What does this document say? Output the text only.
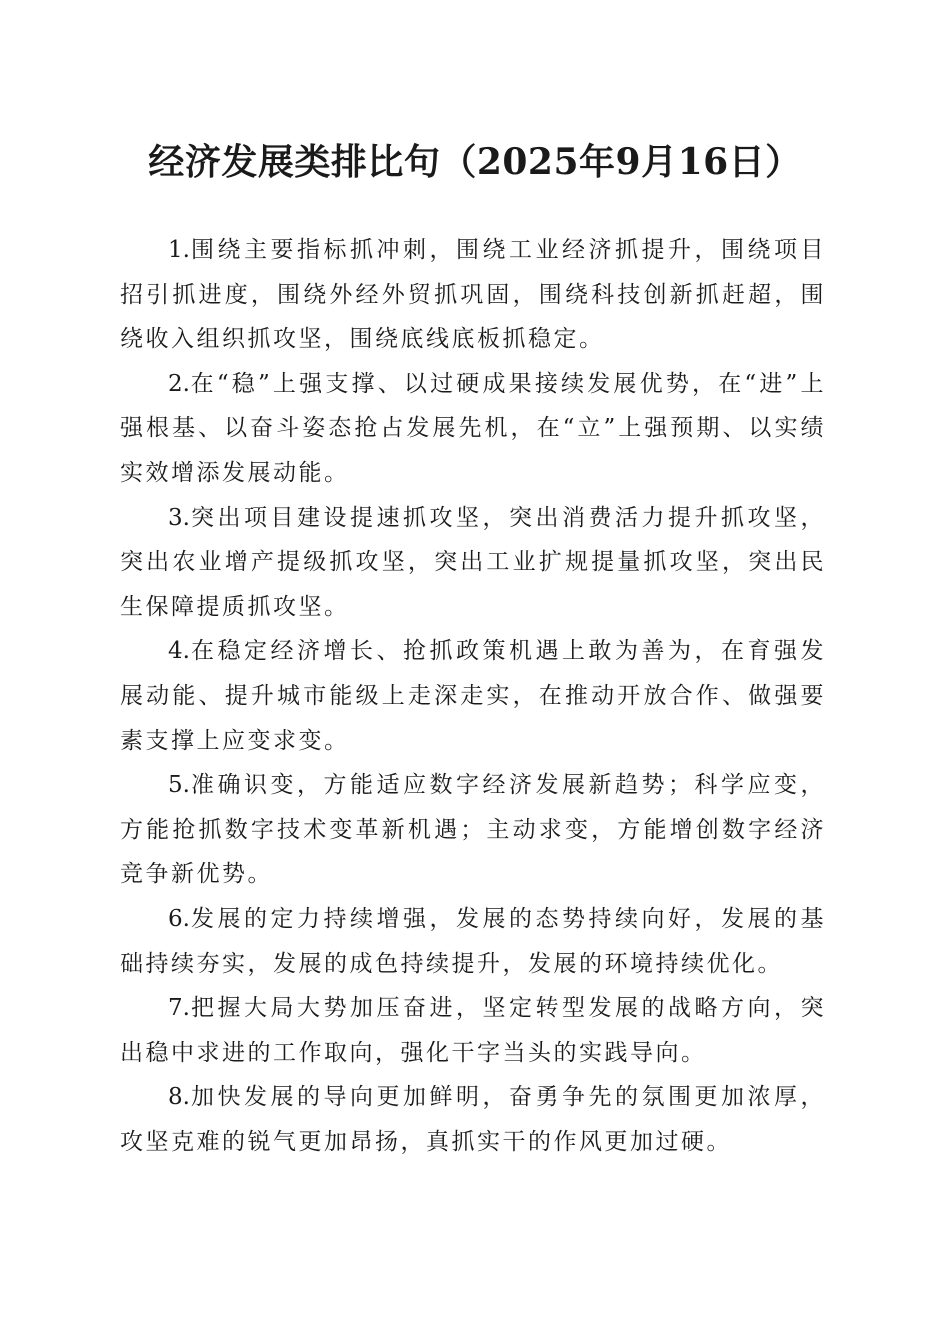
经济发展类排比句（2025年9月16日）

1.围绕主要指标抓冲刺，围绕工业经济抓提升，围绕项目招引抓进度，围绕外经外贸抓巩固，围绕科技创新抓赶超，围绕收入组织抓攻坚，围绕底线底板抓稳定。

2.在“稳”上强支撑、以过硬成果接续发展优势，在“进”上强根基、以奋斗姿态抢占发展先机，在“立”上强预期、以实绩实效增添发展动能。

3.突出项目建设提速抓攻坚，突出消费活力提升抓攻坚，突出农业增产提级抓攻坚，突出工业扩规提量抓攻坚，突出民生保障提质抓攻坚。

4.在稳定经济增长、抢抓政策机遇上敢为善为，在育强发展动能、提升城市能级上走深走实，在推动开放合作、做强要素支撑上应变求变。

5.准确识变，方能适应数字经济发展新趋势；科学应变，方能抢抓数字技术变革新机遇；主动求变，方能增创数字经济竞争新优势。

6.发展的定力持续增强，发展的态势持续向好，发展的基础持续夯实，发展的成色持续提升，发展的环境持续优化。

7.把握大局大势加压奋进，坚定转型发展的战略方向，突出稳中求进的工作取向，强化干字当头的实践导向。

8.加快发展的导向更加鲜明，奋勇争先的氛围更加浓厚，攻坚克难的锐气更加昂扬，真抓实干的作风更加过硬。
